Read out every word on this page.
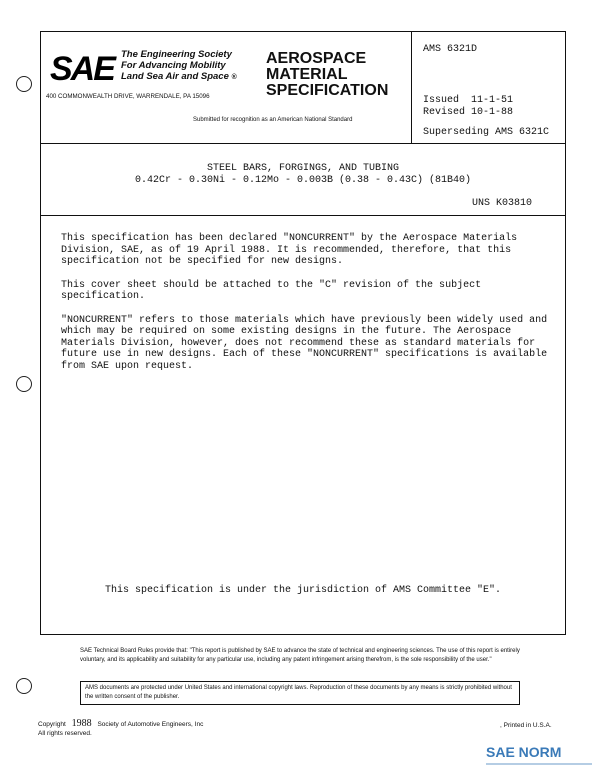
SAE The Engineering Society
For Advancing Mobility
Land Sea Air and Space ®
400 COMMONWEALTH DRIVE, WARRENDALE, PA 15096
AEROSPACE
MATERIAL
SPECIFICATION
Submitted for recognition as an American National Standard
AMS 6321D
Issued  11-1-51
Revised 10-1-88
Superseding AMS 6321C
STEEL BARS, FORGINGS, AND TUBING
0.42Cr - 0.30Ni - 0.12Mo - 0.003B (0.38 - 0.43C) (81B40)
UNS K03810

This specification has been declared "NONCURRENT" by the Aerospace Materials Division, SAE, as of 19 April 1988. It is recommended, therefore, that this specification not be specified for new designs.

This cover sheet should be attached to the "C" revision of the subject specification.

"NONCURRENT" refers to those materials which have previously been widely used and which may be required on some existing designs in the future. The Aerospace Materials Division, however, does not recommend these as standard materials for future use in new designs. Each of these "NONCURRENT" specifications is available from SAE upon request.

This specification is under the jurisdiction of AMS Committee "E".
SAE Technical Board Rules provide that: "This report is published by SAE to advance the state of technical and engineering sciences. The use of this report is entirely voluntary, and its applicability and suitability for any particular use, including any patent infringement arising therefrom, is the sole responsibility of the user."
AMS documents are protected under United States and international copyright laws. Reproduction of these documents by any means is strictly prohibited without the written consent of the publisher.
Copyright 1988 Society of Automotive Engineers, Inc
All rights reserved.
, Printed in U.S.A.
SAE NORM
